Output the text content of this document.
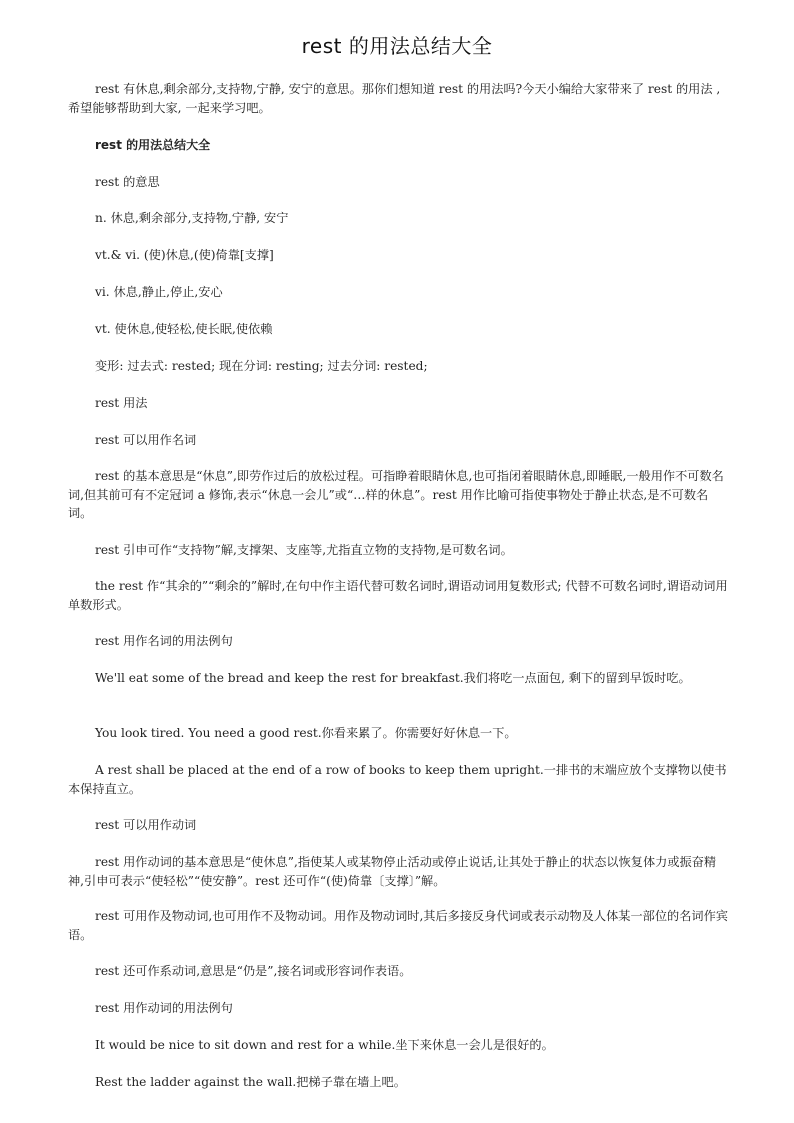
rest 的用法总结大全
rest 有休息,剩余部分,支持物,宁静, 安宁的意思。那你们想知道 rest 的用法吗?今天小编给大家带来了 rest 的用法 ,希望能够帮助到大家, 一起来学习吧。
rest 的用法总结大全
rest 的意思
n. 休息,剩余部分,支持物,宁静, 安宁
vt.& vi. (使)休息,(使)倚靠[支撑]
vi. 休息,静止,停止,安心
vt. 使休息,使轻松,使长眠,使依赖
变形: 过去式: rested; 现在分词: resting; 过去分词: rested;
rest 用法
rest 可以用作名词
rest 的基本意思是“休息”,即劳作过后的放松过程。可指睁着眼睛休息,也可指闭着眼睛休息,即睡眠,一般用作不可数名词,但其前可有不定冠词 a 修饰,表示“休息一会儿”或“…样的休息”。rest 用作比喻可指使事物处于静止状态,是不可数名词。
rest 引申可作“支持物”解,支撑架、支座等,尤指直立物的支持物,是可数名词。
the rest 作“其余的”“剩余的”解时,在句中作主语代替可数名词时,谓语动词用复数形式; 代替不可数名词时,谓语动词用单数形式。
rest 用作名词的用法例句
We'll eat some of the bread and keep the rest for breakfast.我们将吃一点面包, 剩下的留到早饭时吃。
You look tired. You need a good rest.你看来累了。你需要好好休息一下。
A rest shall be placed at the end of a row of books to keep them upright.一排书的末端应放个支撑物以使书本保持直立。
rest 可以用作动词
rest 用作动词的基本意思是“使休息”,指使某人或某物停止活动或停止说话,让其处于静止的状态以恢复体力或振奋精神,引申可表示“使轻松”“使安静”。rest 还可作“(使)倚靠〔支撑〕”解。
rest 可用作及物动词,也可用作不及物动词。用作及物动词时,其后多接反身代词或表示动物及人体某一部位的名词作宾语。
rest 还可作系动词,意思是“仍是”,接名词或形容词作表语。
rest 用作动词的用法例句
It would be nice to sit down and rest for a while.坐下来休息一会儿是很好的。
Rest the ladder against the wall.把梯子靠在墙上吧。
